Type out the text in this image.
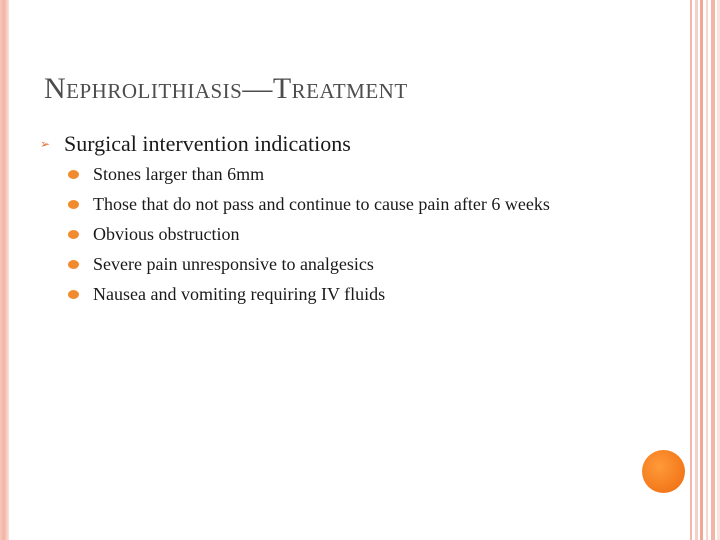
Nephrolithiasis—Treatment
➢ Surgical intervention indications
Stones larger than 6mm
Those that do not pass and continue to cause pain after 6 weeks
Obvious obstruction
Severe pain unresponsive to analgesics
Nausea and vomiting requiring IV fluids
